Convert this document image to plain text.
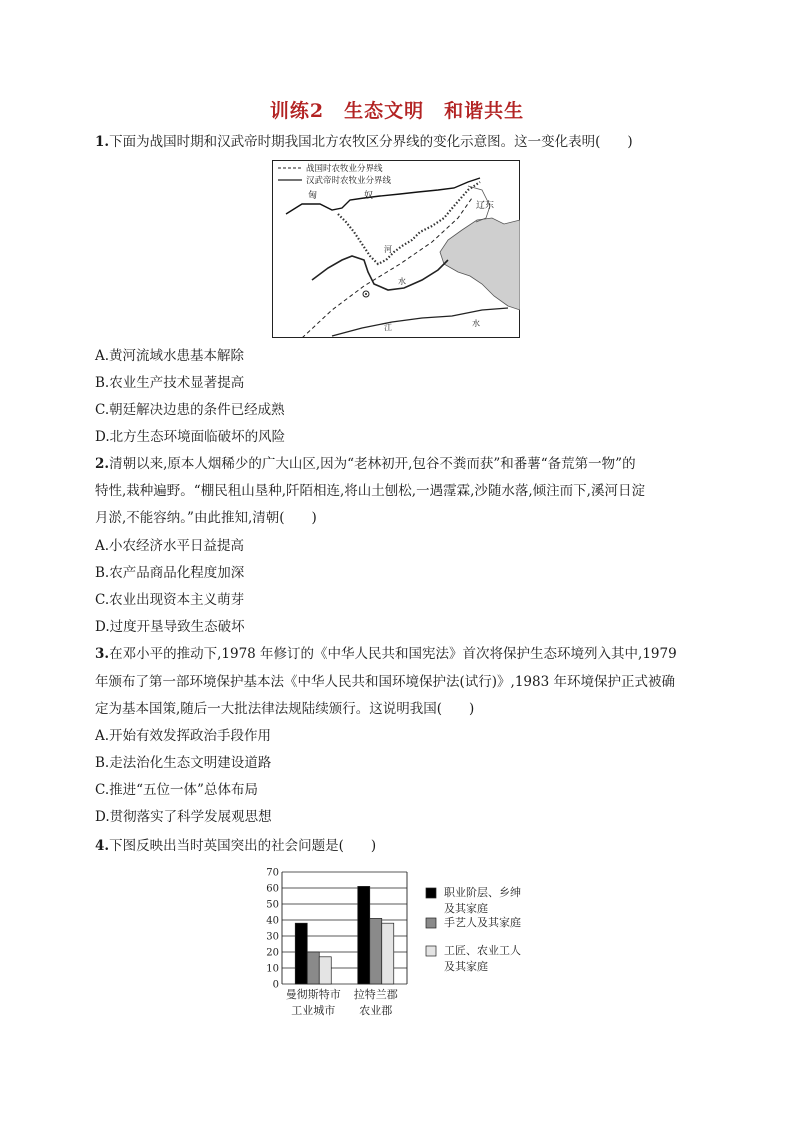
训练2　生态文明　和谐共生
1.下面为战国时期和汉武帝时期我国北方农牧区分界线的变化示意图。这一变化表明(　　)
战国时农牧业分界线
汉武帝时农牧业分界线
匈	奴
辽东
河
水
江	水
A.黄河流域水患基本解除
B.农业生产技术显著提高
C.朝廷解决边患的条件已经成熟
D.北方生态环境面临破坏的风险
2.清朝以来,原本人烟稀少的广大山区,因为“老林初开,包谷不粪而获”和番薯“备荒第一物”的
特性,栽种遍野。“棚民租山垦种,阡陌相连,将山土刨松,一遇霪霖,沙随水落,倾注而下,溪河日淀
月淤,不能容纳。”由此推知,清朝(　　)
A.小农经济水平日益提高
B.农产品商品化程度加深
C.农业出现资本主义萌芽
D.过度开垦导致生态破坏
3.在邓小平的推动下,1978 年修订的《中华人民共和国宪法》首次将保护生态环境列入其中,1979
年颁布了第一部环境保护基本法《中华人民共和国环境保护法(试行)》,1983 年环境保护正式被确
定为基本国策,随后一大批法律法规陆续颁行。这说明我国(　　)
A.开始有效发挥政治手段作用
B.走法治化生态文明建设道路
C.推进“五位一体”总体布局
D.贯彻落实了科学发展观思想
4.下图反映出当时英国突出的社会问题是(　　)
0
10
20
30
40
50
60
70
曼彻斯特市
工业城市
拉特兰郡
农业郡
职业阶层、乡绅
及其家庭
手艺人及其家庭
工匠、农业工人
及其家庭
